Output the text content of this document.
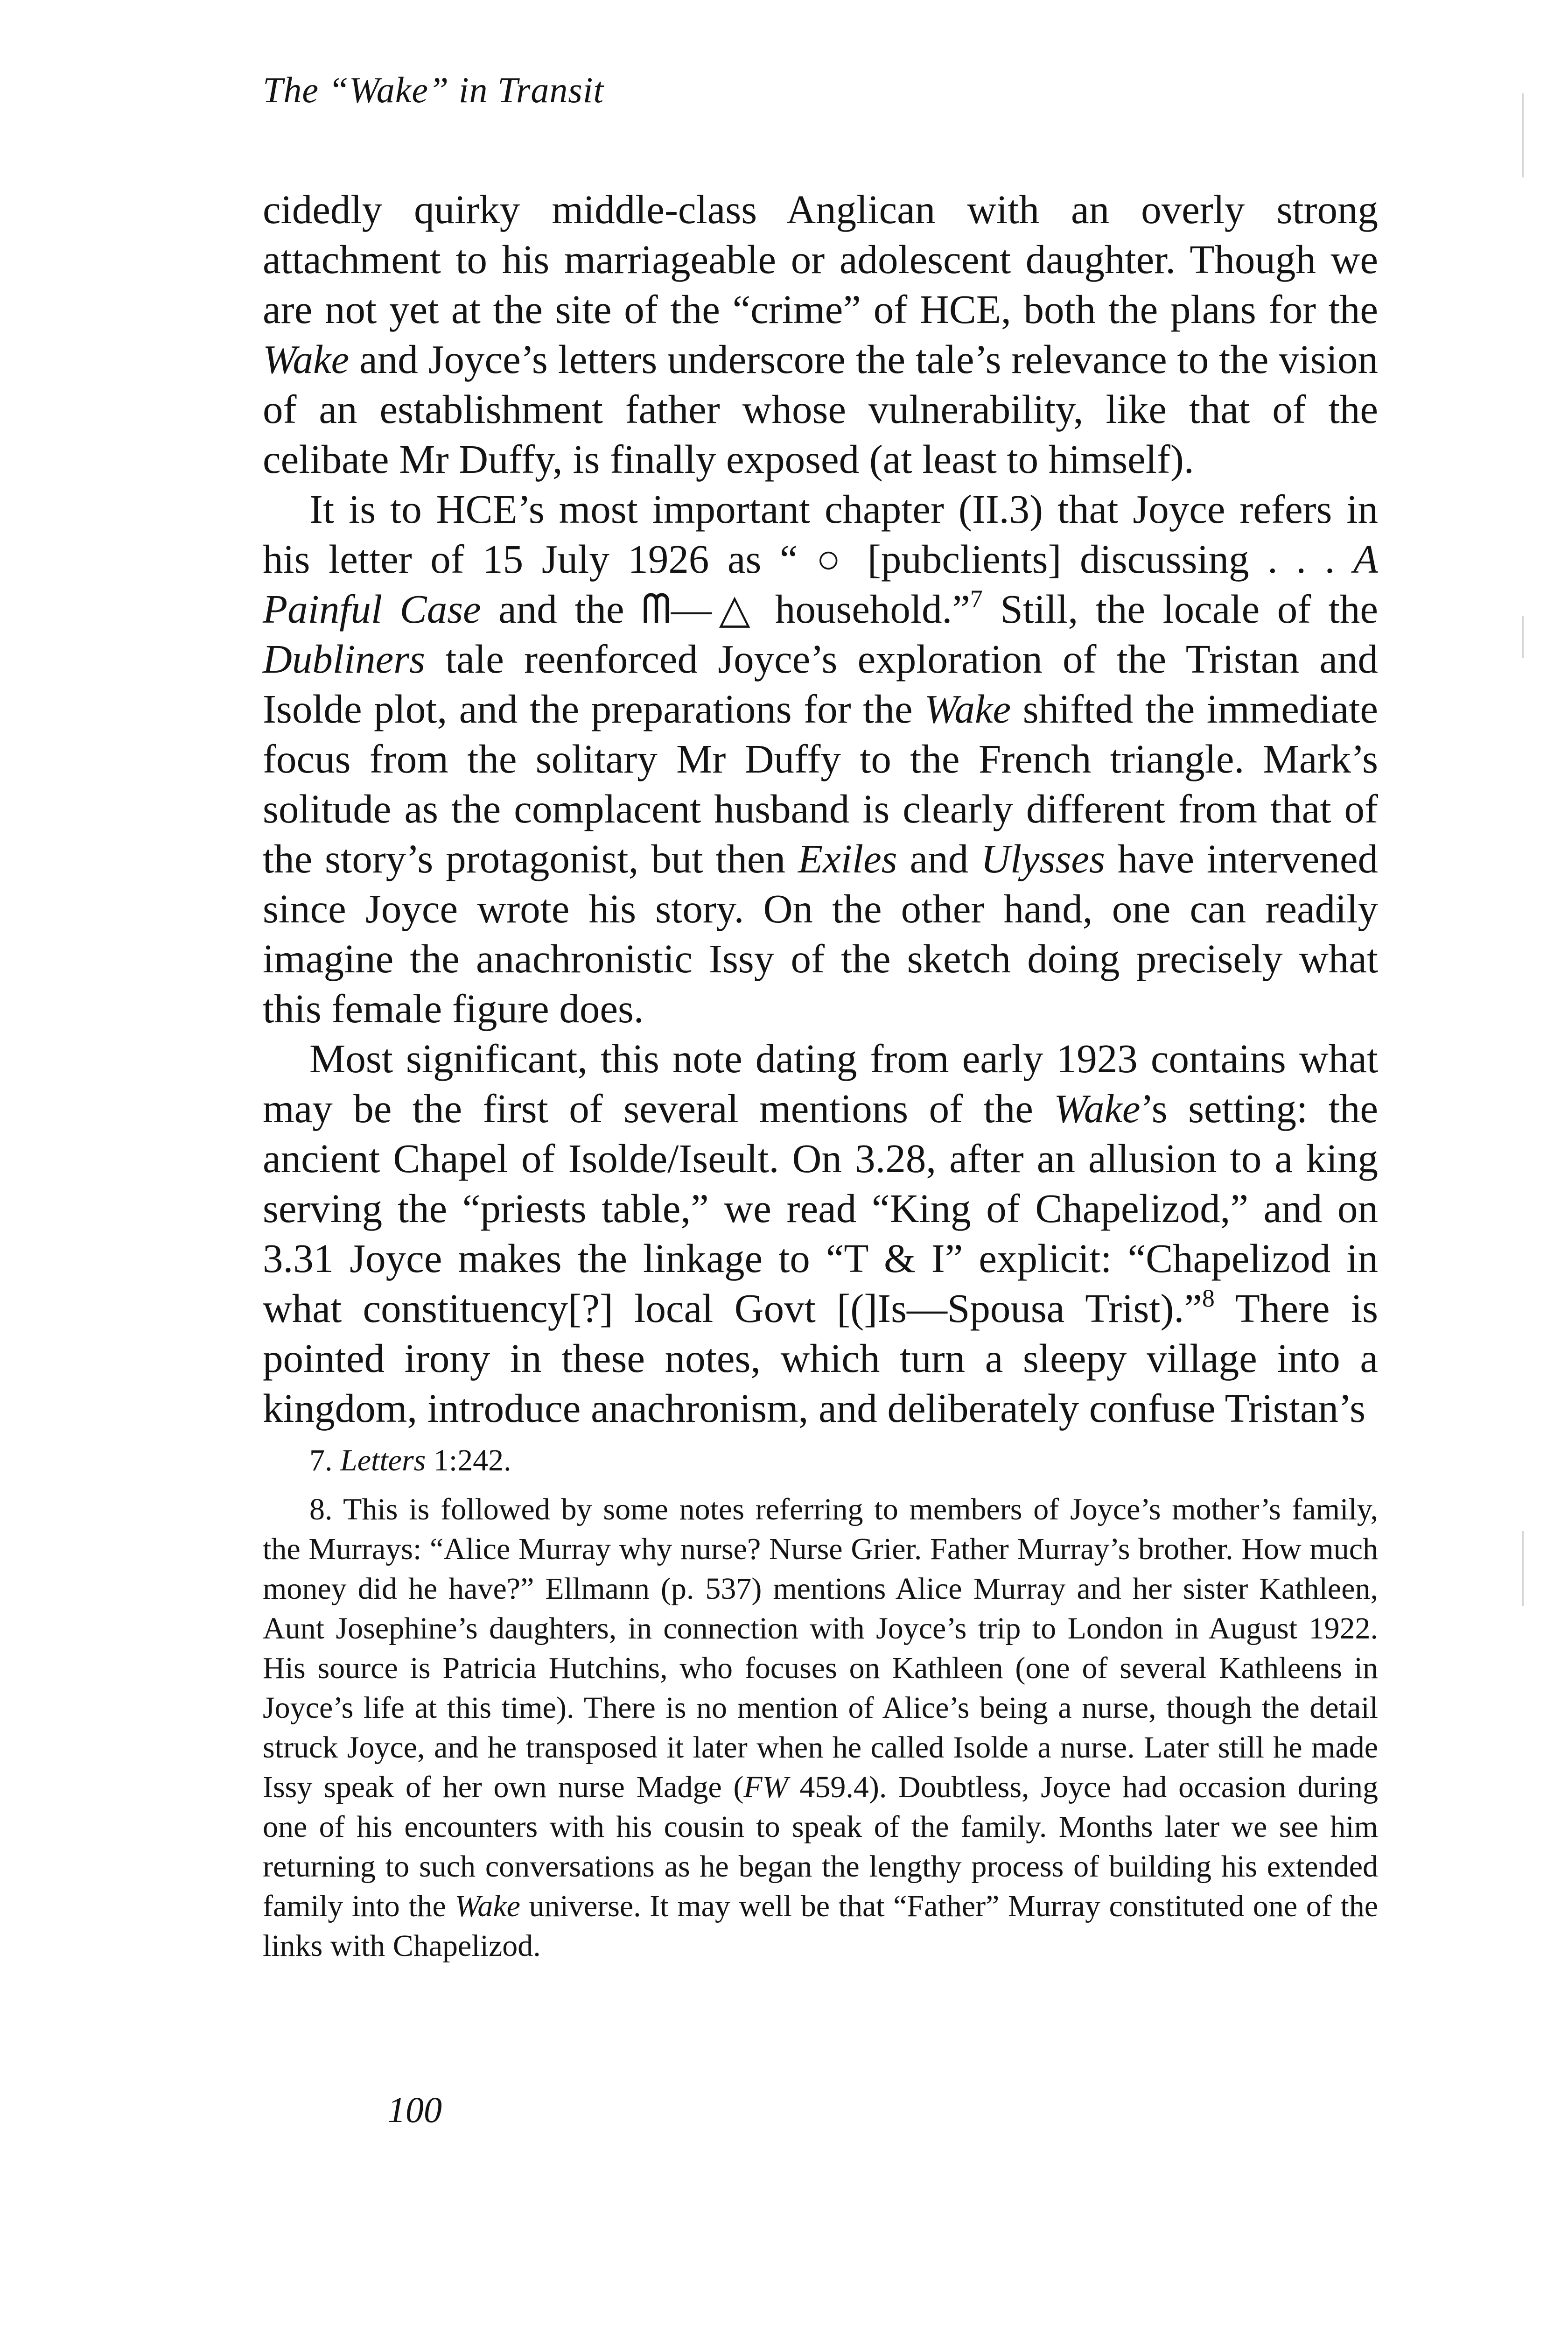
The “Wake” in Transit

cidedly quirky middle-class Anglican with an overly strong attachment to his marriageable or adolescent daughter. Though we are not yet at the site of the “crime” of HCE, both the plans for the Wake and Joyce’s letters underscore the tale’s relevance to the vision of an establishment father whose vulnerability, like that of the celibate Mr Duffy, is finally exposed (at least to himself).

It is to HCE’s most important chapter (II.3) that Joyce refers in his letter of 15 July 1926 as “ ○ [pubclients] discussing . . . A Painful Case and the ᗰ—△ household.”$^7$ Still, the locale of the Dubliners tale reenforced Joyce’s exploration of the Tristan and Isolde plot, and the preparations for the Wake shifted the immediate focus from the solitary Mr Duffy to the French triangle. Mark’s solitude as the complacent husband is clearly different from that of the story’s protagonist, but then Exiles and Ulysses have intervened since Joyce wrote his story. On the other hand, one can readily imagine the anachronistic Issy of the sketch doing precisely what this female figure does.

Most significant, this note dating from early 1923 contains what may be the first of several mentions of the Wake’s setting: the ancient Chapel of Isolde/Iseult. On 3.28, after an allusion to a king serving the “priests table,” we read “King of Chapelizod,” and on 3.31 Joyce makes the linkage to “T & I” explicit: “Chapelizod in what constituency[?] local Govt [(]Is—Spousa Trist).”$^8$ There is pointed irony in these notes, which turn a sleepy village into a kingdom, introduce anachronism, and deliberately confuse Tristan’s

7. Letters 1:242.

8. This is followed by some notes referring to members of Joyce’s mother’s family, the Murrays: “Alice Murray why nurse? Nurse Grier. Father Murray’s brother. How much money did he have?” Ellmann (p. 537) mentions Alice Murray and her sister Kathleen, Aunt Josephine’s daughters, in connection with Joyce’s trip to London in August 1922. His source is Patricia Hutchins, who focuses on Kathleen (one of several Kathleens in Joyce’s life at this time). There is no mention of Alice’s being a nurse, though the detail struck Joyce, and he transposed it later when he called Isolde a nurse. Later still he made Issy speak of her own nurse Madge (FW 459.4). Doubtless, Joyce had occasion during one of his encounters with his cousin to speak of the family. Months later we see him returning to such conversations as he began the lengthy process of building his extended family into the Wake universe. It may well be that “Father” Murray constituted one of the links with Chapelizod.

100
